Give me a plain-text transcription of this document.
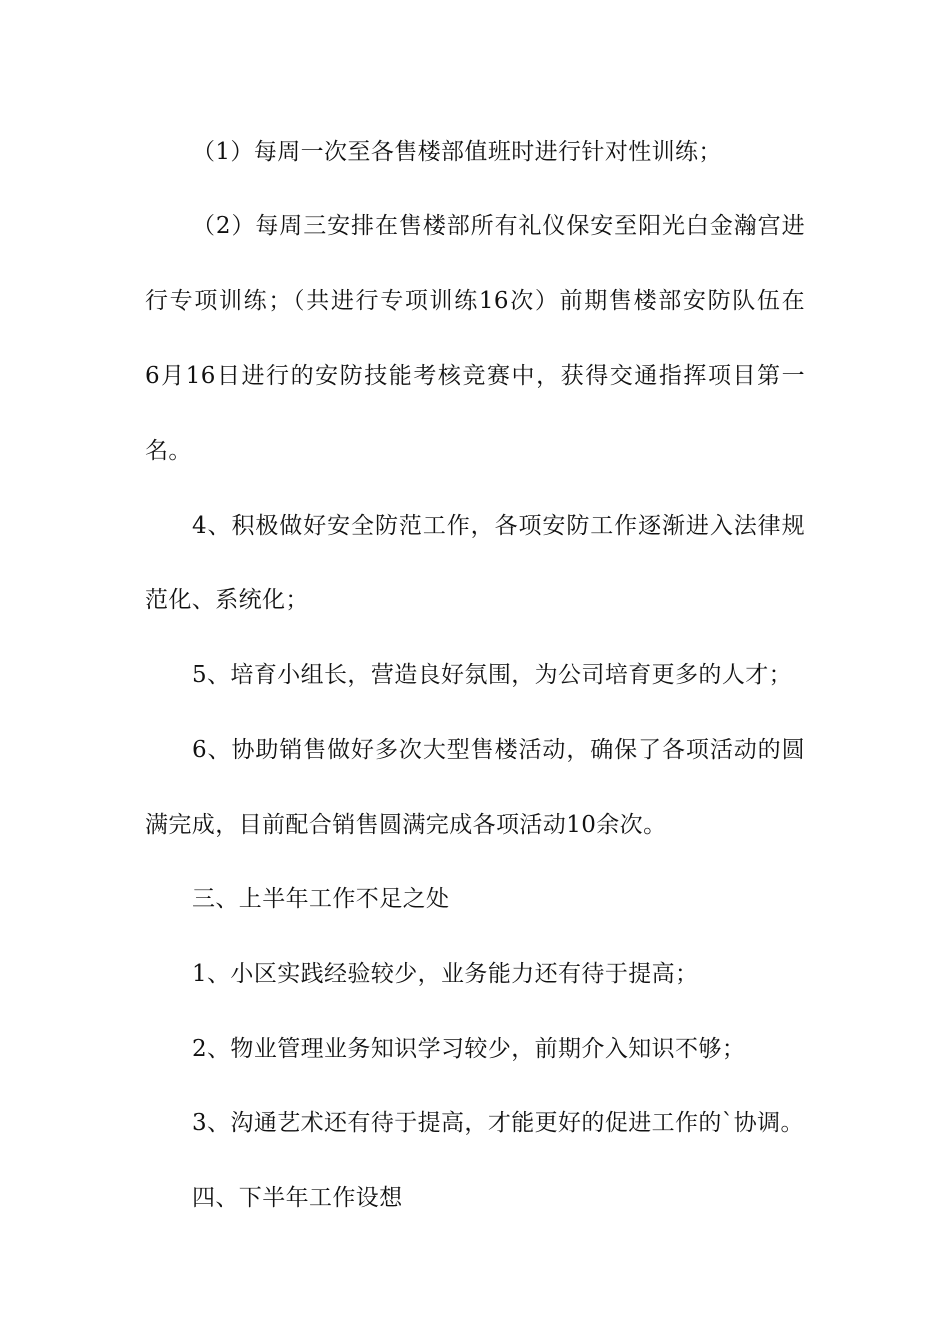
（1）每周一次至各售楼部值班时进行针对性训练；
（2）每周三安排在售楼部所有礼仪保安至阳光白金瀚宫进
行专项训练；（共进行专项训练16次）前期售楼部安防队伍在
6月16日进行的安防技能考核竞赛中，获得交通指挥项目第一
名。
4、积极做好安全防范工作，各项安防工作逐渐进入法律规
范化、系统化；
5、培育小组长，营造良好氛围，为公司培育更多的人才；
6、协助销售做好多次大型售楼活动，确保了各项活动的圆
满完成，目前配合销售圆满完成各项活动10余次。
三、上半年工作不足之处
1、小区实践经验较少，业务能力还有待于提高；
2、物业管理业务知识学习较少，前期介入知识不够；
3、沟通艺术还有待于提高，才能更好的促进工作的`协调。
四、下半年工作设想
